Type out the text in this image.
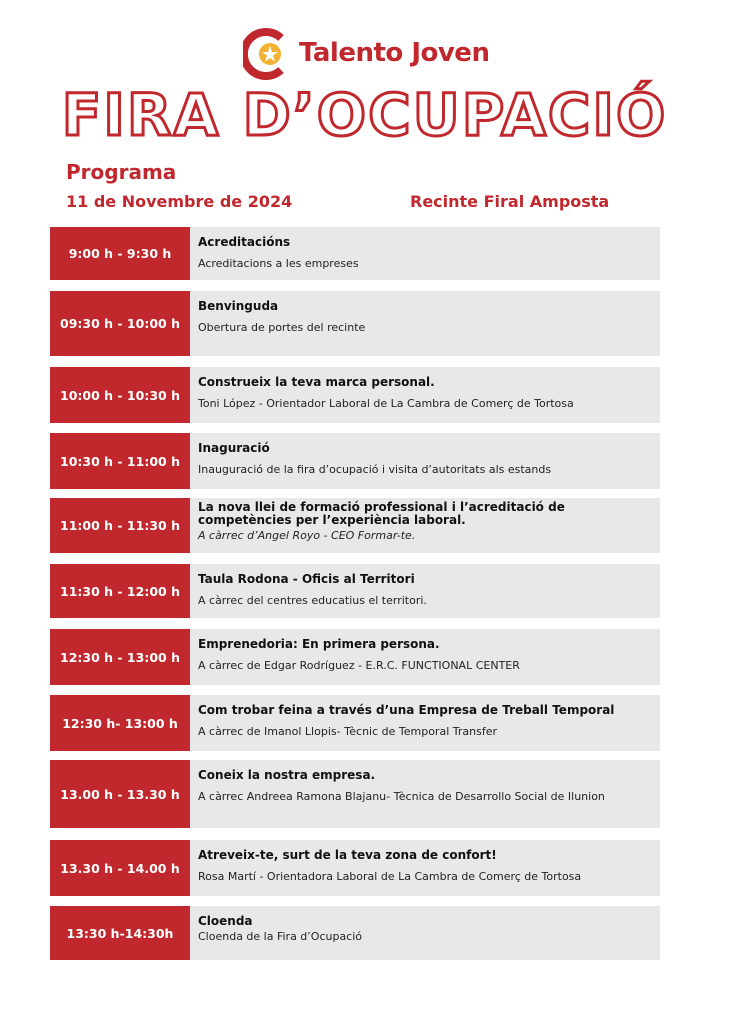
Talento Joven
FIRA D’OCUPACIÓ
Programa
11 de Novembre de 2024	Recinte Firal Amposta
9:00 h - 9:30 h
Acreditacións
Acreditacions a les empreses
09:30 h - 10:00 h
Benvinguda
Obertura de portes del recinte
10:00 h - 10:30 h
Construeix la teva marca personal.
Toni López - Orientador Laboral de La Cambra de Comerç de Tortosa
10:30 h - 11:00 h
Inaguració
Inauguració de la fira d’ocupació i visita d’autoritats als estands
11:00 h - 11:30 h
La nova llei de formació professional i l’acreditació de competències per l’experiència laboral.
A càrrec d’Angel Royo - CEO Formar-te.
11:30 h - 12:00 h
Taula Rodona - Oficis al Territori
A càrrec del centres educatius el territori.
12:30 h - 13:00 h
Emprenedoria: En primera persona.
A càrrec de Edgar Rodríguez - E.R.C. FUNCTIONAL CENTER
12:30 h- 13:00 h
Com trobar feina a través d’una Empresa de Treball Temporal
A càrrec de Imanol Llopis- Tècnic de Temporal Transfer
13.00 h - 13.30 h
Coneix la nostra empresa.
A càrrec Andreea Ramona Blajanu- Tècnica de Desarrollo Social de Ilunion
13.30 h - 14.00 h
Atreveix-te, surt de la teva zona de confort!
Rosa Martí - Orientadora Laboral de La Cambra de Comerç de Tortosa
13:30 h-14:30h
Cloenda
Cloenda de la Fira d’Ocupació
